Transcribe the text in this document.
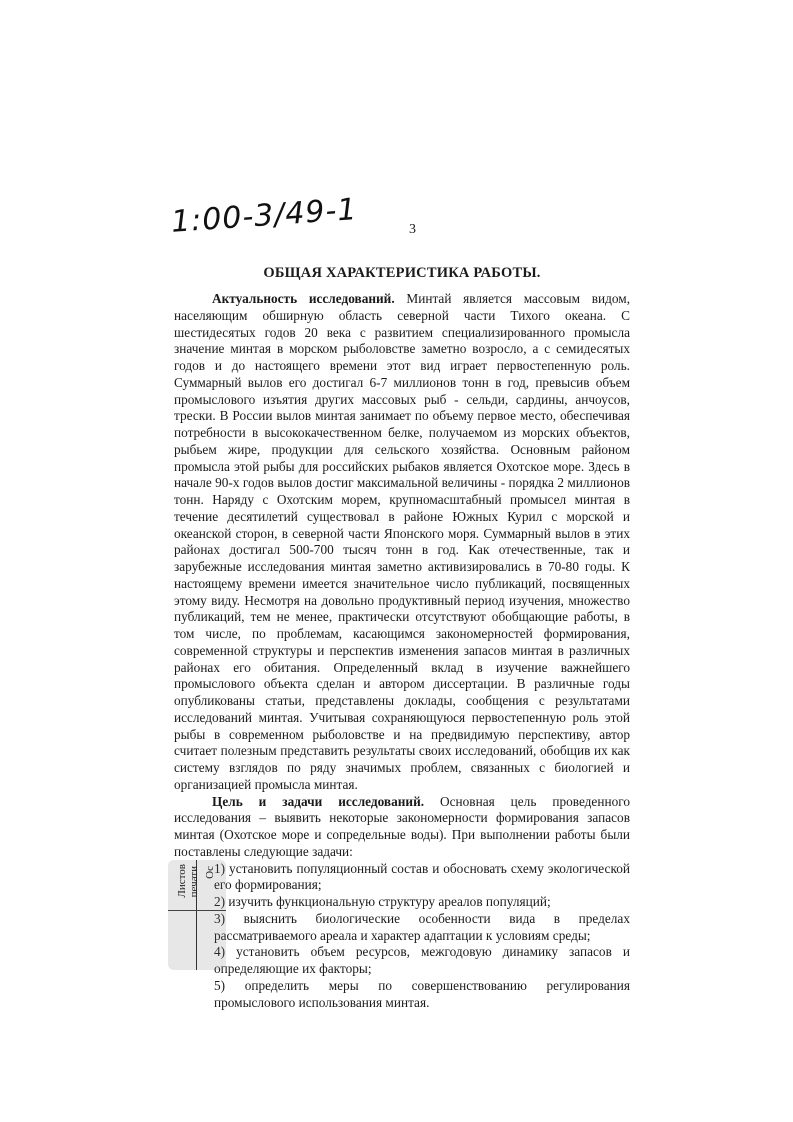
1:00-3/49-1	3
ОБЩАЯ ХАРАКТЕРИСТИКА РАБОТЫ.

Актуальность исследований. Минтай является массовым видом, населяющим обширную область северной части Тихого океана. С шестидесятых годов 20 века с развитием специализированного промысла значение минтая в морском рыболовстве заметно возросло, а с семидесятых годов и до настоящего времени этот вид играет первостепенную роль. Суммарный вылов его достигал 6-7 миллионов тонн в год, превысив объем промыслового изъятия других массовых рыб - сельди, сардины, анчоусов, трески. В России вылов минтая занимает по объему первое место, обеспечивая потребности в высококачественном белке, получаемом из морских объектов, рыбьем жире, продукции для сельского хозяйства. Основным районом промысла этой рыбы для российских рыбаков является Охотское море. Здесь в начале 90-х годов вылов достиг максимальной величины - порядка 2 миллионов тонн. Наряду с Охотским морем, крупномасштабный промысел минтая в течение десятилетий существовал в районе Южных Курил с морской и океанской сторон, в северной части Японского моря. Суммарный вылов в этих районах достигал 500-700 тысяч тонн в год. Как отечественные, так и зарубежные исследования минтая заметно активизировались в 70-80 годы. К настоящему времени имеется значительное число публикаций, посвященных этому виду. Несмотря на довольно продуктивный период изучения, множество публикаций, тем не менее, практически отсутствуют обобщающие работы, в том числе, по проблемам, касающимся закономерностей формирования, современной структуры и перспектив изменения запасов минтая в различных районах его обитания. Определенный вклад в изучение важнейшего промыслового объекта сделан и автором диссертации. В различные годы опубликованы статьи, представлены доклады, сообщения с результатами исследований минтая. Учитывая сохраняющуюся первостепенную роль этой рыбы в современном рыболовстве и на предвидимую перспективу, автор считает полезным представить результаты своих исследований, обобщив их как систему взглядов по ряду значимых проблем, связанных с биологией и организацией промысла минтая.

Цель и задачи исследований. Основная цель проведенного исследования – выявить некоторые закономерности формирования запасов минтая (Охотское море и сопредельные воды). При выполнении работы были поставлены следующие задачи:

1) установить популяционный состав и обосновать схему экологической его формирования;
2) изучить функциональную структуру ареалов популяций;
3) выяснить биологические особенности вида в пределах рассматриваемого ареала и характер адаптации к условиям среды;
4) установить объем ресурсов, межгодовую динамику запасов и определяющие их факторы;
5) определить меры по совершенствованию регулирования промыслового использования минтая.
Листов печати Ос
